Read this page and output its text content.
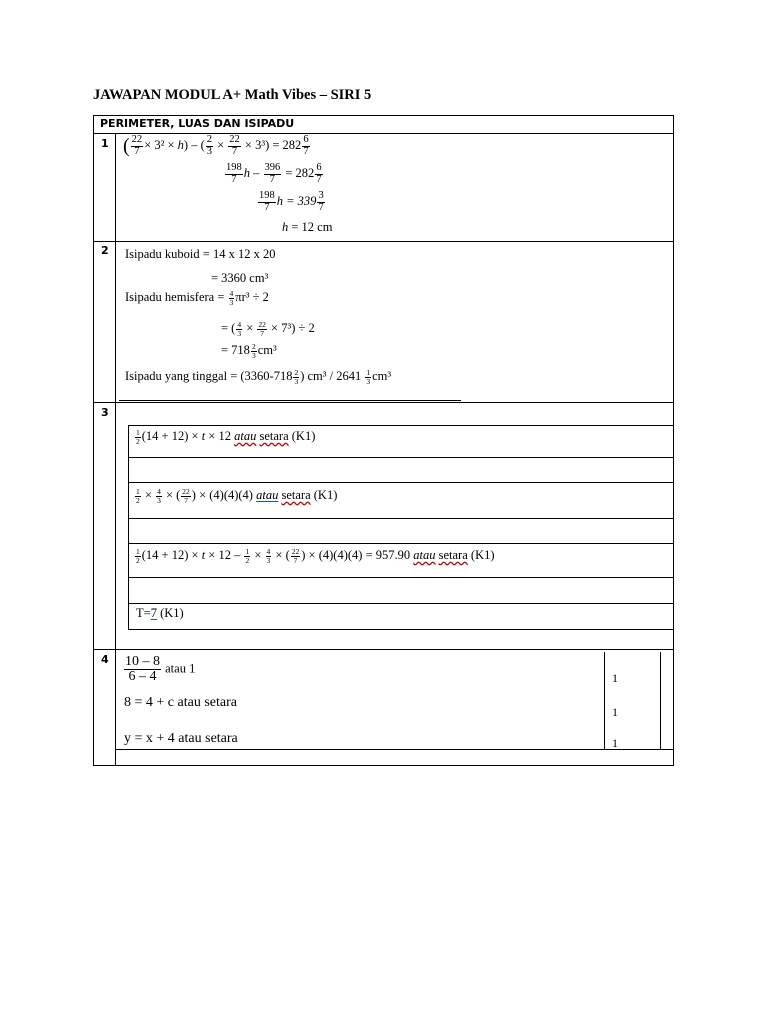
JAWAPAN MODUL A+ Math Vibes – SIRI 5
PERIMETER, LUAS DAN ISIPADU
1
2
3
4
( $\frac{22}{7} \times 3^2 \times h$) – ( $\frac{2}{3} \times \frac{22}{7} \times 3^3) = 282 \frac{6}{7}$
$\frac{198}{7}$ $h - \frac{396}{7} = 282 \frac{6}{7}$
$\frac{198}{7}$ $h = 339 \frac{3}{7}$
h = 12 cm
Isipadu kuboid = 14 x 12 x 20
= 3360 cm³
Isipadu hemisfera = $\frac{4}{3} \pi r^3 \div 2$
= ( $\frac{4}{3} \times \frac{22}{7} \times 7^3) \div 2$
= $718 \frac{2}{3} cm^3$
Isipadu yang tinggal = ($3360-718 \frac{2}{3}$ ) $cm^3 / 2641 \frac{1}{3} cm^3$
$\frac{1}{2} (14 + 12) \times t \times 12$ atau setara (K1)
$\frac{1}{2} \times \frac{4}{3}$ × ( $\frac{22}{7}$ ) × (4)(4)(4) atau setara (K1)
$\frac{1}{2} (14 + 12) \times t \times 12 - \frac{1}{2} \times \frac{4}{3}$ × ( $\frac{22}{7}$ ) × (4)(4)(4) = 957.90 atau setara (K1)
T=7 (K1)
$\frac{10 - 8}{6 - 4}$ atau 1
8 = 4 + c atau setara
y = x + 4 atau setara
1
1
1
